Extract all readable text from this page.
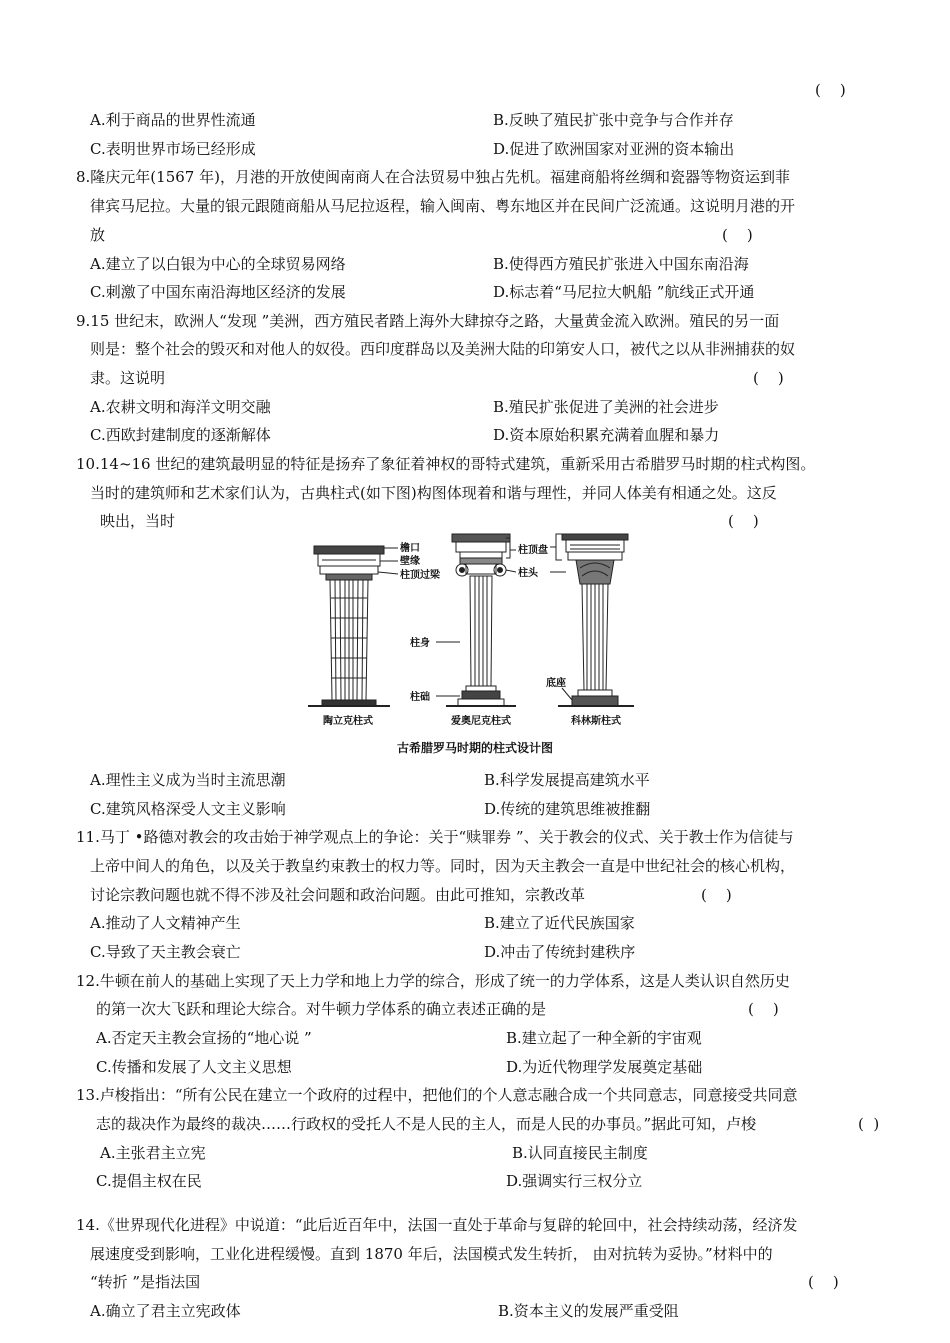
(    )
A.利于商品的世界性流通	B.反映了殖民扩张中竞争与合作并存
C.表明世界市场已经形成	D.促进了欧洲国家对亚洲的资本输出
8.隆庆元年(1567 年)，月港的开放使闽南商人在合法贸易中独占先机。福建商船将丝绸和瓷器等物资运到菲
律宾马尼拉。大量的银元跟随商船从马尼拉返程，输入闽南、粤东地区并在民间广泛流通。这说明月港的开
放	(    )
A.建立了以白银为中心的全球贸易网络	B.使得西方殖民扩张进入中国东南沿海
C.刺激了中国东南沿海地区经济的发展	D.标志着“马尼拉大帆船 ”航线正式开通
9.15 世纪末，欧洲人“发现 ”美洲，西方殖民者踏上海外大肆掠夺之路，大量黄金流入欧洲。殖民的另一面
则是：整个社会的毁灭和对他人的奴役。西印度群岛以及美洲大陆的印第安人口，被代之以从非洲捕获的奴
隶。这说明	(    )
A.农耕文明和海洋文明交融	B.殖民扩张促进了美洲的社会进步
C.西欧封建制度的逐渐解体	D.资本原始积累充满着血腥和暴力
10.14~16 世纪的建筑最明显的特征是扬弃了象征着神权的哥特式建筑，重新采用古希腊罗马时期的柱式构图。
当时的建筑师和艺术家们认为，古典柱式(如下图)构图体现着和谐与理性，并同人体美有相通之处。这反
映出，当时	(    )
檐口
壁缘
柱顶过梁
柱顶盘
柱头
柱身
柱础
底座
陶立克柱式	爱奥尼克柱式	科林斯柱式
古希腊罗马时期的柱式设计图
A.理性主义成为当时主流思潮	B.科学发展提高建筑水平
C.建筑风格深受人文主义影响	D.传统的建筑思维被推翻
11.马丁 •路德对教会的攻击始于神学观点上的争论：关于“赎罪券 ”、关于教会的仪式、关于教士作为信徒与
上帝中间人的角色，以及关于教皇约束教士的权力等。同时，因为天主教会一直是中世纪社会的核心机构，
讨论宗教问题也就不得不涉及社会问题和政治问题。由此可推知，宗教改革	(    )
A.推动了人文精神产生	B.建立了近代民族国家
C.导致了天主教会衰亡	D.冲击了传统封建秩序
12.牛顿在前人的基础上实现了天上力学和地上力学的综合，形成了统一的力学体系，这是人类认识自然历史
的第一次大飞跃和理论大综合。对牛顿力学体系的确立表述正确的是	(    )
A.否定天主教会宣扬的“地心说 ”	B.建立起了一种全新的宇宙观
C.传播和发展了人文主义思想	D.为近代物理学发展奠定基础
13.卢梭指出：“所有公民在建立一个政府的过程中，把他们的个人意志融合成一个共同意志，同意接受共同意
志的裁决作为最终的裁决……行政权的受托人不是人民的主人，而是人民的办事员。”据此可知，卢梭	(  )
A.主张君主立宪	B.认同直接民主制度
C.提倡主权在民	D.强调实行三权分立
14.《世界现代化进程》中说道：“此后近百年中，法国一直处于革命与复辟的轮回中，社会持续动荡，经济发
展速度受到影响，工业化进程缓慢。直到 1870 年后，法国模式发生转折， 由对抗转为妥协。”材料中的
“转折 ”是指法国	(    )
A.确立了君主立宪政体	B.资本主义的发展严重受阻
